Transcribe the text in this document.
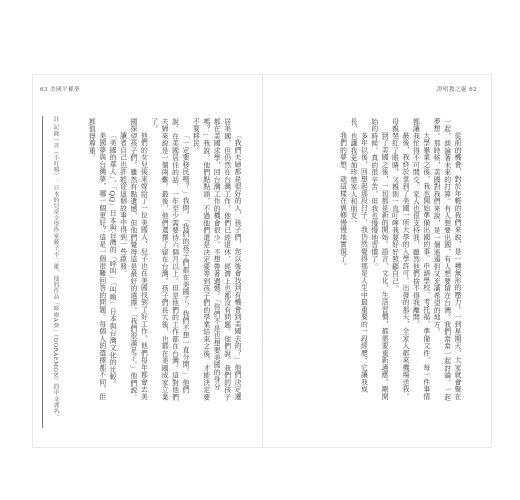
63 美國平權夢	澄明教之靈 62
註 記錄一首（小叮噹）：日本的兒童文學作家藤子不二雄，他的作品「哆啦A夢」（DORAEMON）的中文譯名。	「我們夫婦都是很好的人，孩子們，您以後會找到有機會到美國去的？」他們決定遷居美國，但仍然在台灣工作。他們已經退休，經濟上也都沒有問題。他們說，我們的孩子都在美國求學，回台灣工作的機會很少。不想帶著遺憾。「你們不是也想要美國的身分嗎？」我說。他們點點頭，不過他們還是決定要等到孩子們的學業結束之後，才能決定要不要移民。

「一定要移民嗎？」我問。「我們的孩子們都在美國了，我們不想一直分開。」他們說。在美國居住的話，一年至少需要待六個月以上。但是他們的工作都在台灣。這對他們夫婦來說是一個兩難。最後，他們選擇了留在台灣。孩子們長大後，也都在美國成家立業了。

他們的女兒後來嫁給了一位美國人，兒子也在美國找到了好工作。他們每年都會去美國探望孩子們。雖然有點遺憾，但他們覺得這是最好的選擇。「我們很滿足了。」他們說。

讀者自己也許能從這個故事中得到一些啟發。

「美國的華人」、「QQ」日本與台灣的「呼叫」「叫喚」日本與台灣文化的比較。

美國夢與台灣夢，哪一個更好？這是一個很難回答的問題。每個人的選擇都不同，但都值得尊重。	從前的機會，對於年輕的我們來說，是一種無形的壓力。一到星期天，大家就會聚在一起，談論著未來的打算。有人想要出國，有人想要留在台灣。我們常常一起討論，一起夢想。那時候，美國對我們來說，是一個遙遠但又充滿希望的地方。

大學畢業之後，我也開始準備出國的事。申請學校、考托福、準備文件，每一件事情都讓我忙得不可開交。家人也很支持我，雖然他們捨不得我離開。

最後，我終於拿到了美國一所大學的入學許可。出發的那天，全家人都來機場送我。母親哭紅了眼睛，父親則一直叮嚀我要好好照顧自己。

到了美國之後，一切都是新的開始。語言、文化、生活習慣，都需要重新適應。剛開始的時候，真的很辛苦，但我也慢慢地習慣了。

多年以後，回想起那段日子，我仍然覺得那是人生中最重要的一段經歷。它讓我成長，也讓我更加珍惜家人和朋友。

我們的夢想，就這樣在異鄉慢慢地實現了。
